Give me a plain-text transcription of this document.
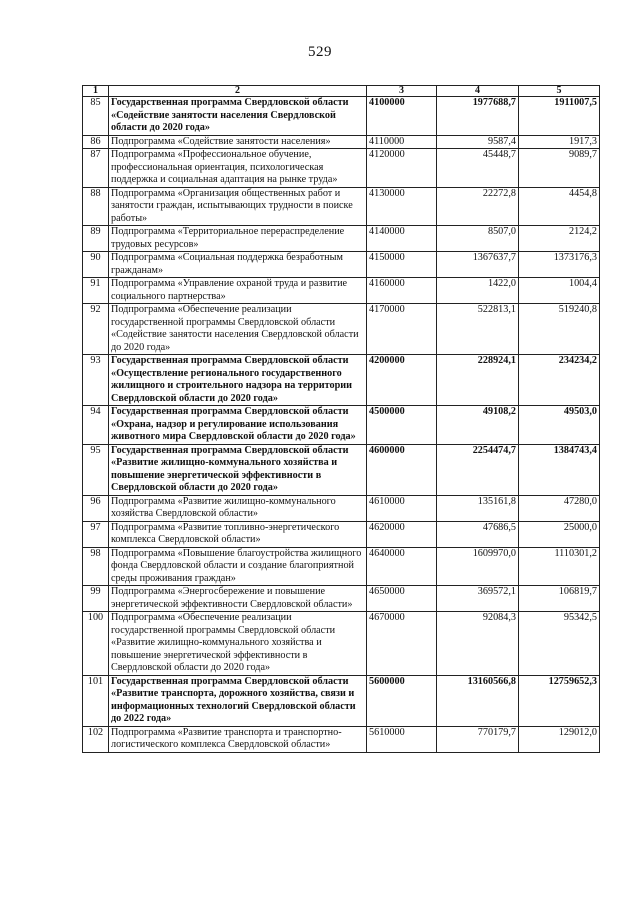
529
1	2	3	4	5
85	Государственная программа Свердловской области «Содействие занятости населения Свердловской области до 2020 года»	4100000	1977688,7	1911007,5
86	Подпрограмма «Содействие занятости населения»	4110000	9587,4	1917,3
87	Подпрограмма «Профессиональное обучение, профессиональная ориентация, психологическая поддержка и социальная адаптация на рынке труда»	4120000	45448,7	9089,7
88	Подпрограмма «Организация общественных работ и занятости граждан, испытывающих трудности в поиске работы»	4130000	22272,8	4454,8
89	Подпрограмма «Территориальное перераспределение трудовых ресурсов»	4140000	8507,0	2124,2
90	Подпрограмма «Социальная поддержка безработным гражданам»	4150000	1367637,7	1373176,3
91	Подпрограмма «Управление охраной труда и развитие социального партнерства»	4160000	1422,0	1004,4
92	Подпрограмма «Обеспечение реализации государственной программы Свердловской области «Содействие занятости населения Свердловской области до 2020 года»	4170000	522813,1	519240,8
93	Государственная программа Свердловской области «Осуществление регионального государственного жилищного и строительного надзора на территории Свердловской области до 2020 года»	4200000	228924,1	234234,2
94	Государственная программа Свердловской области «Охрана, надзор и регулирование использования животного мира Свердловской области до 2020 года»	4500000	49108,2	49503,0
95	Государственная программа Свердловской области «Развитие жилищно-коммунального хозяйства и повышение энергетической эффективности в Свердловской области до 2020 года»	4600000	2254474,7	1384743,4
96	Подпрограмма «Развитие жилищно-коммунального хозяйства Свердловской области»	4610000	135161,8	47280,0
97	Подпрограмма «Развитие топливно-энергетического комплекса Свердловской области»	4620000	47686,5	25000,0
98	Подпрограмма «Повышение благоустройства жилищного фонда Свердловской области и создание благоприятной среды проживания граждан»	4640000	1609970,0	1110301,2
99	Подпрограмма «Энергосбережение и повышение энергетической эффективности Свердловской области»	4650000	369572,1	106819,7
100	Подпрограмма «Обеспечение реализации государственной программы Свердловской области «Развитие жилищно-коммунального хозяйства и повышение энергетической эффективности в Свердловской области до 2020 года»	4670000	92084,3	95342,5
101	Государственная программа Свердловской области «Развитие транспорта, дорожного хозяйства, связи и информационных технологий Свердловской области до 2022 года»	5600000	13160566,8	12759652,3
102	Подпрограмма «Развитие транспорта и транспортно-логистического комплекса Свердловской области»	5610000	770179,7	129012,0
